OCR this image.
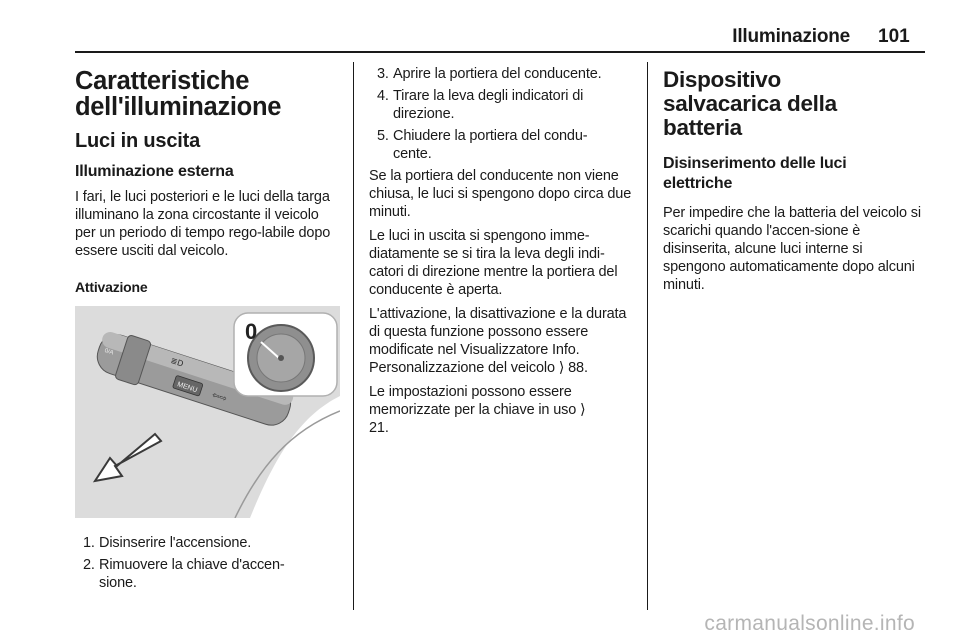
Illuminazione 101
Caratteristiche dell'illuminazione
Luci in uscita
Illuminazione esterna

I fari, le luci posteriori e le luci della targa illuminano la zona circostante il veicolo per un periodo di tempo rego-labile dopo essere usciti dal veicolo.

Attivazione
MENU
0/A
⇦⇨
≣D
0
1. Disinserire l'accensione.
2. Rimuovere la chiave d'accen-sione.
3. Aprire la portiera del conducente.
4. Tirare la leva degli indicatori di direzione.
5. Chiudere la portiera del condu-cente.

Se la portiera del conducente non viene chiusa, le luci si spengono dopo circa due minuti.

Le luci in uscita si spengono imme-diatamente se si tira la leva degli indi-catori di direzione mentre la portiera del conducente è aperta.

L'attivazione, la disattivazione e la durata di questa funzione possono essere modificate nel Visualizzatore Info. Personalizzazione del veicolo ⟩ 88.

Le impostazioni possono essere memorizzate per la chiave in uso ⟩ 21.

Dispositivo salvacarica della batteria
Disinserimento delle luci elettriche

Per impedire che la batteria del veicolo si scarichi quando l'accen-sione è disinserita, alcune luci interne si spengono automaticamente dopo alcuni minuti.

carmanualsonline.info
